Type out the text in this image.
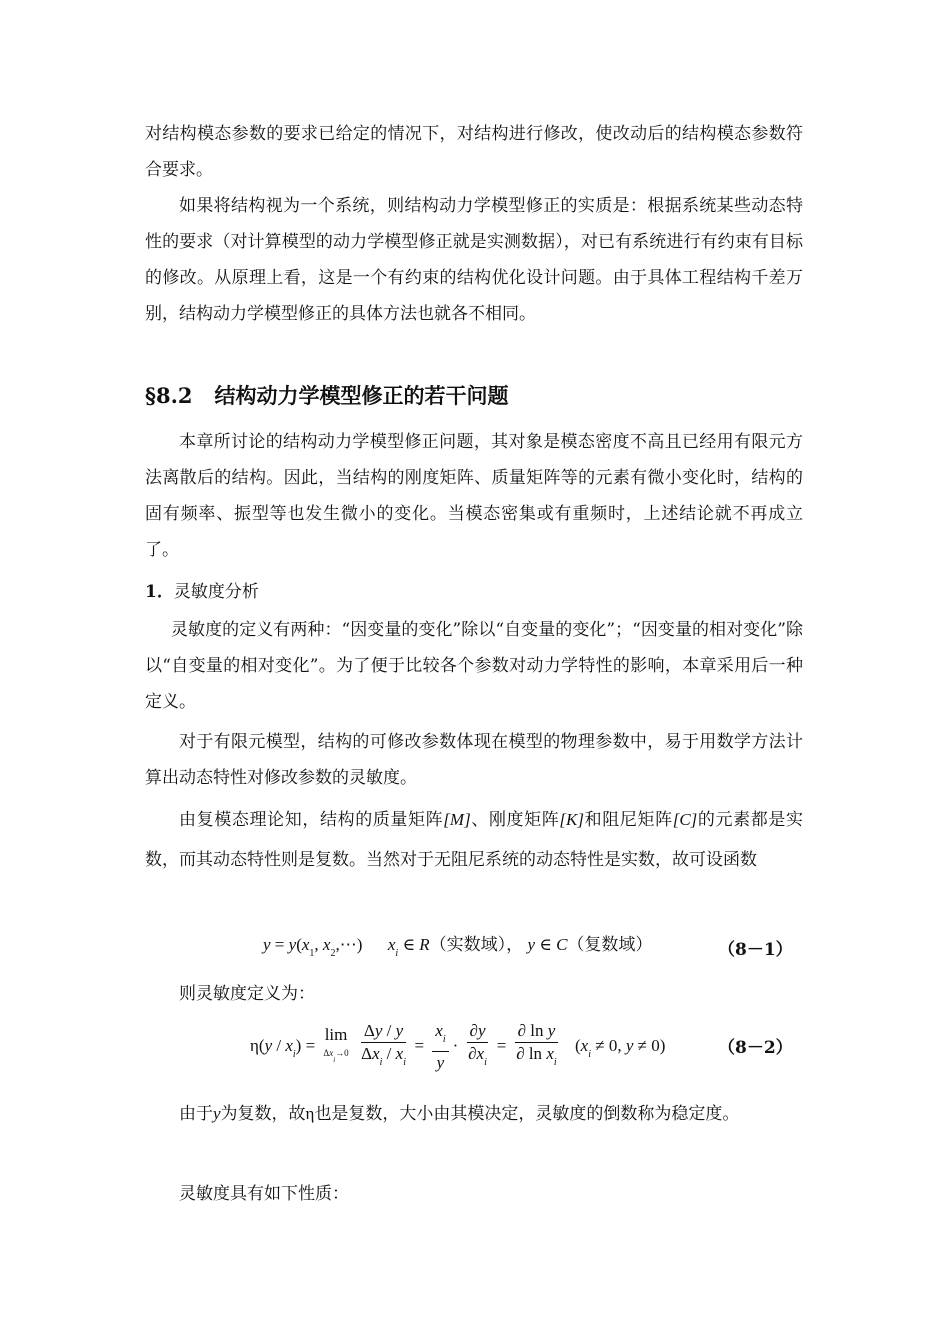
对结构模态参数的要求已给定的情况下，对结构进行修改，使改动后的结构模态参数符合要求。

如果将结构视为一个系统，则结构动力学模型修正的实质是：根据系统某些动态特性的要求（对计算模型的动力学模型修正就是实测数据），对已有系统进行有约束有目标的修改。从原理上看，这是一个有约束的结构优化设计问题。由于具体工程结构千差万别，结构动力学模型修正的具体方法也就各不相同。

§8.2 结构动力学模型修正的若干问题

本章所讨论的结构动力学模型修正问题，其对象是模态密度不高且已经用有限元方法离散后的结构。因此，当结构的刚度矩阵、质量矩阵等的元素有微小变化时，结构的固有频率、振型等也发生微小的变化。当模态密集或有重频时，上述结论就不再成立了。

1．灵敏度分析

灵敏度的定义有两种：“因变量的变化”除以“自变量的变化”；“因变量的相对变化”除以“自变量的相对变化”。为了便于比较各个参数对动力学特性的影响，本章采用后一种定义。

对于有限元模型，结构的可修改参数体现在模型的物理参数中，易于用数学方法计算出动态特性对修改参数的灵敏度。

由复模态理论知，结构的质量矩阵[M]、刚度矩阵[K]和阻尼矩阵[C]的元素都是实数，而其动态特性则是复数。当然对于无阻尼系统的动态特性是实数，故可设函数

$y = y(x_1$, $x_2,\cdots$)      $x_i$ ∈ R（实数域）， y ∈ C（复数域）	（8－1）

则灵敏度定义为：

$\eta(y / x_i)$ =
lim
$\Delta x_i\to 0$
$\frac{\Delta y / y}{\Delta x_i / x_i} = \frac{x_i}{y} \cdot \frac{\partial y}{\partial x_i} = \frac{\text{∂ ln y}}{\partial \ln x_i} (x_i \ne 0$, y ≠ 0)	（8－2）

由于y为复数，故η也是复数，大小由其模决定，灵敏度的倒数称为稳定度。

灵敏度具有如下性质：
